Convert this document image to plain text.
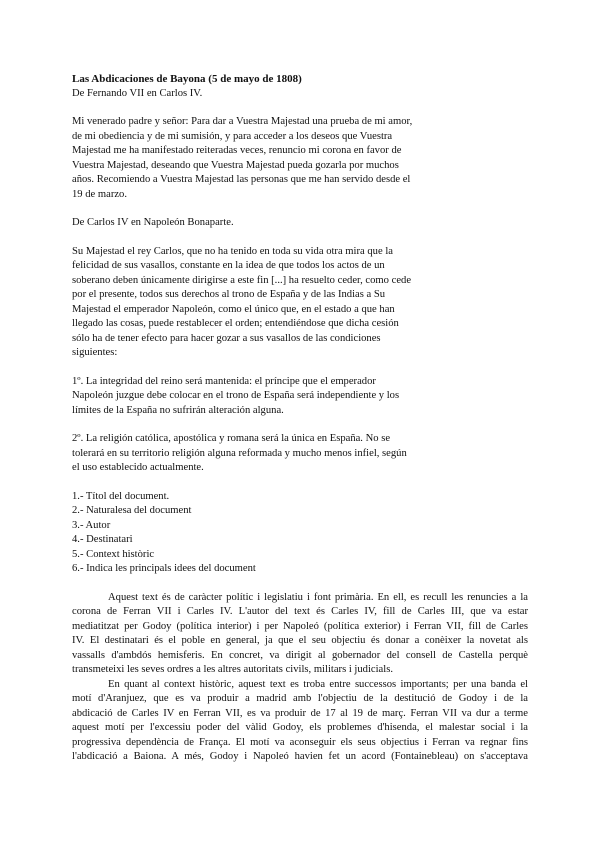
Las Abdicaciones de Bayona (5 de mayo de 1808)

De Fernando VII en Carlos IV.

Mi venerado padre y señor: Para dar a Vuestra Majestad una prueba de mi amor,

de mi obediencia y de mi sumisión, y para acceder a los deseos que Vuestra

Majestad me ha manifestado reiteradas veces, renuncio mi corona en favor de

Vuestra Majestad, deseando que Vuestra Majestad pueda gozarla por muchos

años. Recomiendo a Vuestra Majestad las personas que me han servido desde el

19 de marzo.

De Carlos IV en Napoleón Bonaparte.

Su Majestad el rey Carlos, que no ha tenido en toda su vida otra mira que la

felicidad de sus vasallos, constante en la idea de que todos los actos de un

soberano deben únicamente dirigirse a este fin [...] ha resuelto ceder, como cede

por el presente, todos sus derechos al trono de España y de las Indias a Su

Majestad el emperador Napoleón, como el único que, en el estado a que han

llegado las cosas, puede restablecer el orden; entendiéndose que dicha cesión

sólo ha de tener efecto para hacer gozar a sus vasallos de las condiciones

siguientes:

1º. La integridad del reino será mantenida: el príncipe que el emperador

Napoleón juzgue debe colocar en el trono de España será independiente y los

límites de la España no sufrirán alteración alguna.

2º. La religión católica, apostólica y romana será la única en España. No se

tolerará en su territorio religión alguna reformada y mucho menos infiel, según

el uso establecido actualmente.

1.- Títol del document.
2.- Naturalesa del document
3.- Autor
4.- Destinatari
5.- Context històric
6.- Indica les principals idees del document

Aquest text és de caràcter polític i legislatiu i font primària. En ell, es recull les renuncies a la

corona de Ferran VII i Carles IV. L'autor del text és Carles IV, fill de Carles III, que va estar

mediatitzat per Godoy (política interior) i per Napoleó (política exterior) i Ferran VII, fill de Carles

IV. El destinatari és el poble en general, ja que el seu objectiu és donar a conèixer la novetat als

vassalls d'ambdós hemisferis. En concret, va dirigit al gobernador del consell de Castella perquè

transmeteixi les seves ordres a les altres autoritats civils, militars i judicials.

En quant al context històric, aquest text es troba entre successos importants; per una banda el

motí d'Aranjuez, que es va produir a madrid amb l'objectiu de la destitució de Godoy i de la

abdicació de Carles IV en Ferran VII, es va produir de 17 al 19 de març. Ferran VII va dur a terme

aquest motí per l'excessiu poder del vàlid Godoy, els problemes d'hisenda, el malestar social i la

progressiva dependència de França. El motí va aconseguir els seus objectius i Ferran va regnar fins

l'abdicació a Baiona. A més, Godoy i Napoleó havien fet un acord (Fontainebleau) on s'acceptava
